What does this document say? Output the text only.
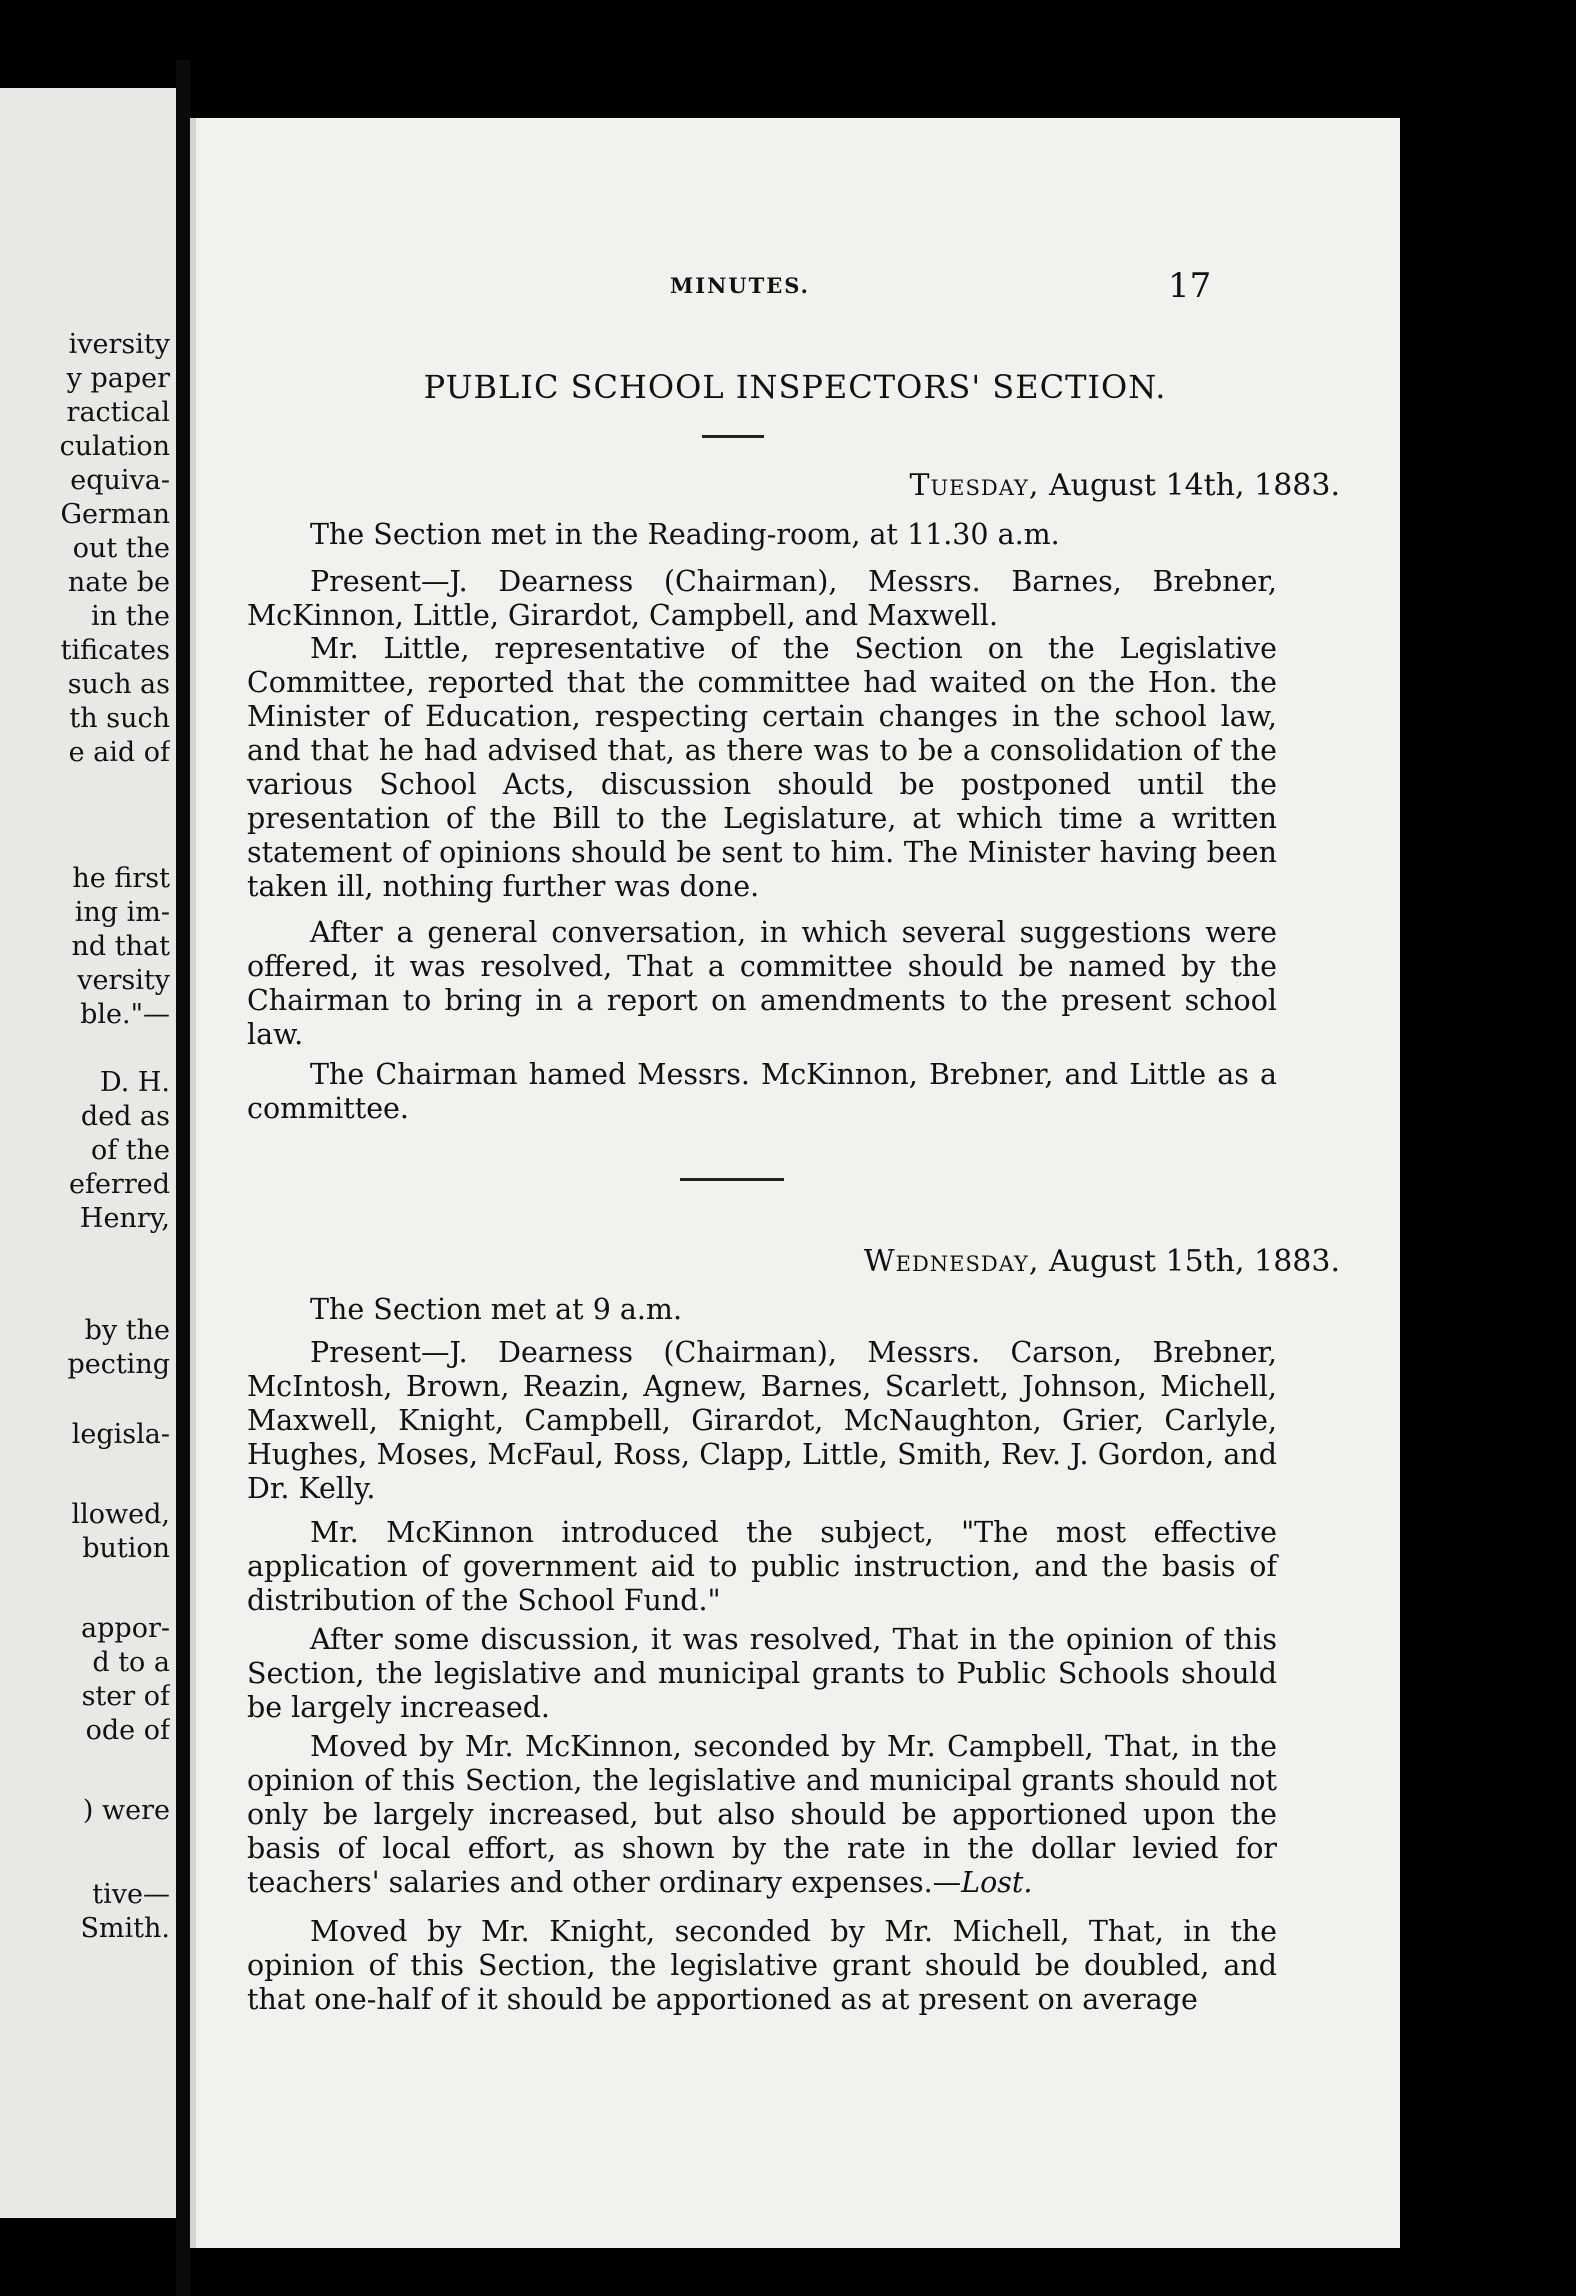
iversity
y paper
ractical
culation
equiva-
German
out the
nate be
in the
tificates
such as
th such
e aid of
he first
ing im-
nd that
versity
ble."—
D. H.
ded as
of the
eferred
Henry,
by the
pecting
legisla-
llowed,
bution
appor-
d to a
ster of
ode of
) were
tive—
Smith.
MINUTES.	17
PUBLIC SCHOOL INSPECTORS' SECTION.
Tuesday, August 14th, 1883.

The Section met in the Reading-room, at 11.30 a.m.

Present—J. Dearness (Chairman), Messrs. Barnes, Brebner, McKinnon, Little, Girardot, Campbell, and Maxwell.

Mr. Little, representative of the Section on the Legislative Committee, reported that the committee had waited on the Hon. the Minister of Education, respecting certain changes in the school law, and that he had advised that, as there was to be a consolidation of the various School Acts, discussion should be postponed until the presentation of the Bill to the Legislature, at which time a written statement of opinions should be sent to him. The Minister having been taken ill, nothing further was done.

After a general conversation, in which several suggestions were offered, it was resolved, That a committee should be named by the Chairman to bring in a report on amendments to the present school law.

The Chairman hamed Messrs. McKinnon, Brebner, and Little as a committee.

Wednesday, August 15th, 1883.

The Section met at 9 a.m.

Present—J. Dearness (Chairman), Messrs. Carson, Brebner, McIntosh, Brown, Reazin, Agnew, Barnes, Scarlett, Johnson, Michell, Maxwell, Knight, Campbell, Girardot, McNaughton, Grier, Carlyle, Hughes, Moses, McFaul, Ross, Clapp, Little, Smith, Rev. J. Gordon, and Dr. Kelly.

Mr. McKinnon introduced the subject, "The most effective application of government aid to public instruction, and the basis of distribution of the School Fund."

After some discussion, it was resolved, That in the opinion of this Section, the legislative and municipal grants to Public Schools should be largely increased.

Moved by Mr. McKinnon, seconded by Mr. Campbell, That, in the opinion of this Section, the legislative and municipal grants should not only be largely increased, but also should be apportioned upon the basis of local effort, as shown by the rate in the dollar levied for teachers' salaries and other ordinary expenses.—Lost.

Moved by Mr. Knight, seconded by Mr. Michell, That, in the opinion of this Section, the legislative grant should be doubled, and that one-half of it should be apportioned as at present on average
